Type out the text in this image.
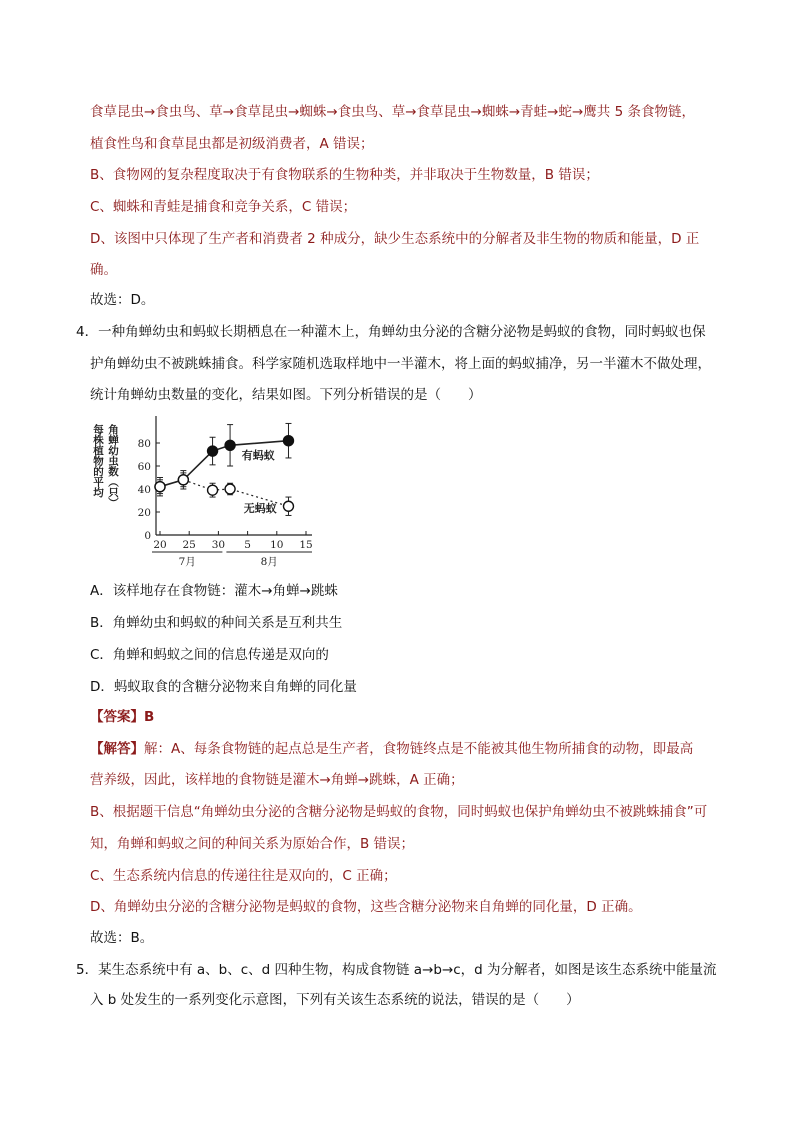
食草昆虫→食虫鸟、草→食草昆虫→蜘蛛→食虫鸟、草→食草昆虫→蜘蛛→青蛙→蛇→鹰共 5 条食物链，
植食性鸟和食草昆虫都是初级消费者，A 错误；
B、食物网的复杂程度取决于有食物联系的生物种类，并非取决于生物数量，B 错误；
C、蜘蛛和青蛙是捕食和竞争关系，C 错误；
D、该图中只体现了生产者和消费者 2 种成分，缺少生态系统中的分解者及非生物的物质和能量，D 正
确。
故选：D。
4．一种角蝉幼虫和蚂蚁长期栖息在一种灌木上，角蝉幼虫分泌的含糖分泌物是蚂蚁的食物，同时蚂蚁也保
护角蝉幼虫不被跳蛛捕食。科学家随机选取样地中一半灌木，将上面的蚂蚁捕净，另一半灌木不做处理，
统计角蝉幼虫数量的变化，结果如图。下列分析错误的是（　　）
0
20
40
60
80
每株植物的平均 角蝉幼虫数（只）
20 25 30 5 10 15
7月	8月
有蚂蚁
无蚂蚁
A．该样地存在食物链：灌木→角蝉→跳蛛
B．角蝉幼虫和蚂蚁的种间关系是互利共生
C．角蝉和蚂蚁之间的信息传递是双向的
D．蚂蚁取食的含糖分泌物来自角蝉的同化量
【答案】B
【解答】解：A、每条食物链的起点总是生产者，食物链终点是不能被其他生物所捕食的动物，即最高
营养级，因此，该样地的食物链是灌木→角蝉→跳蛛，A 正确；
B、根据题干信息“角蝉幼虫分泌的含糖分泌物是蚂蚁的食物，同时蚂蚁也保护角蝉幼虫不被跳蛛捕食”可
知，角蝉和蚂蚁之间的种间关系为原始合作，B 错误；
C、生态系统内信息的传递往往是双向的，C 正确；
D、角蝉幼虫分泌的含糖分泌物是蚂蚁的食物，这些含糖分泌物来自角蝉的同化量，D 正确。
故选：B。
5．某生态系统中有 a、b、c、d 四种生物，构成食物链 a→b→c，d 为分解者，如图是该生态系统中能量流
入 b 处发生的一系列变化示意图，下列有关该生态系统的说法，错误的是（　　）
